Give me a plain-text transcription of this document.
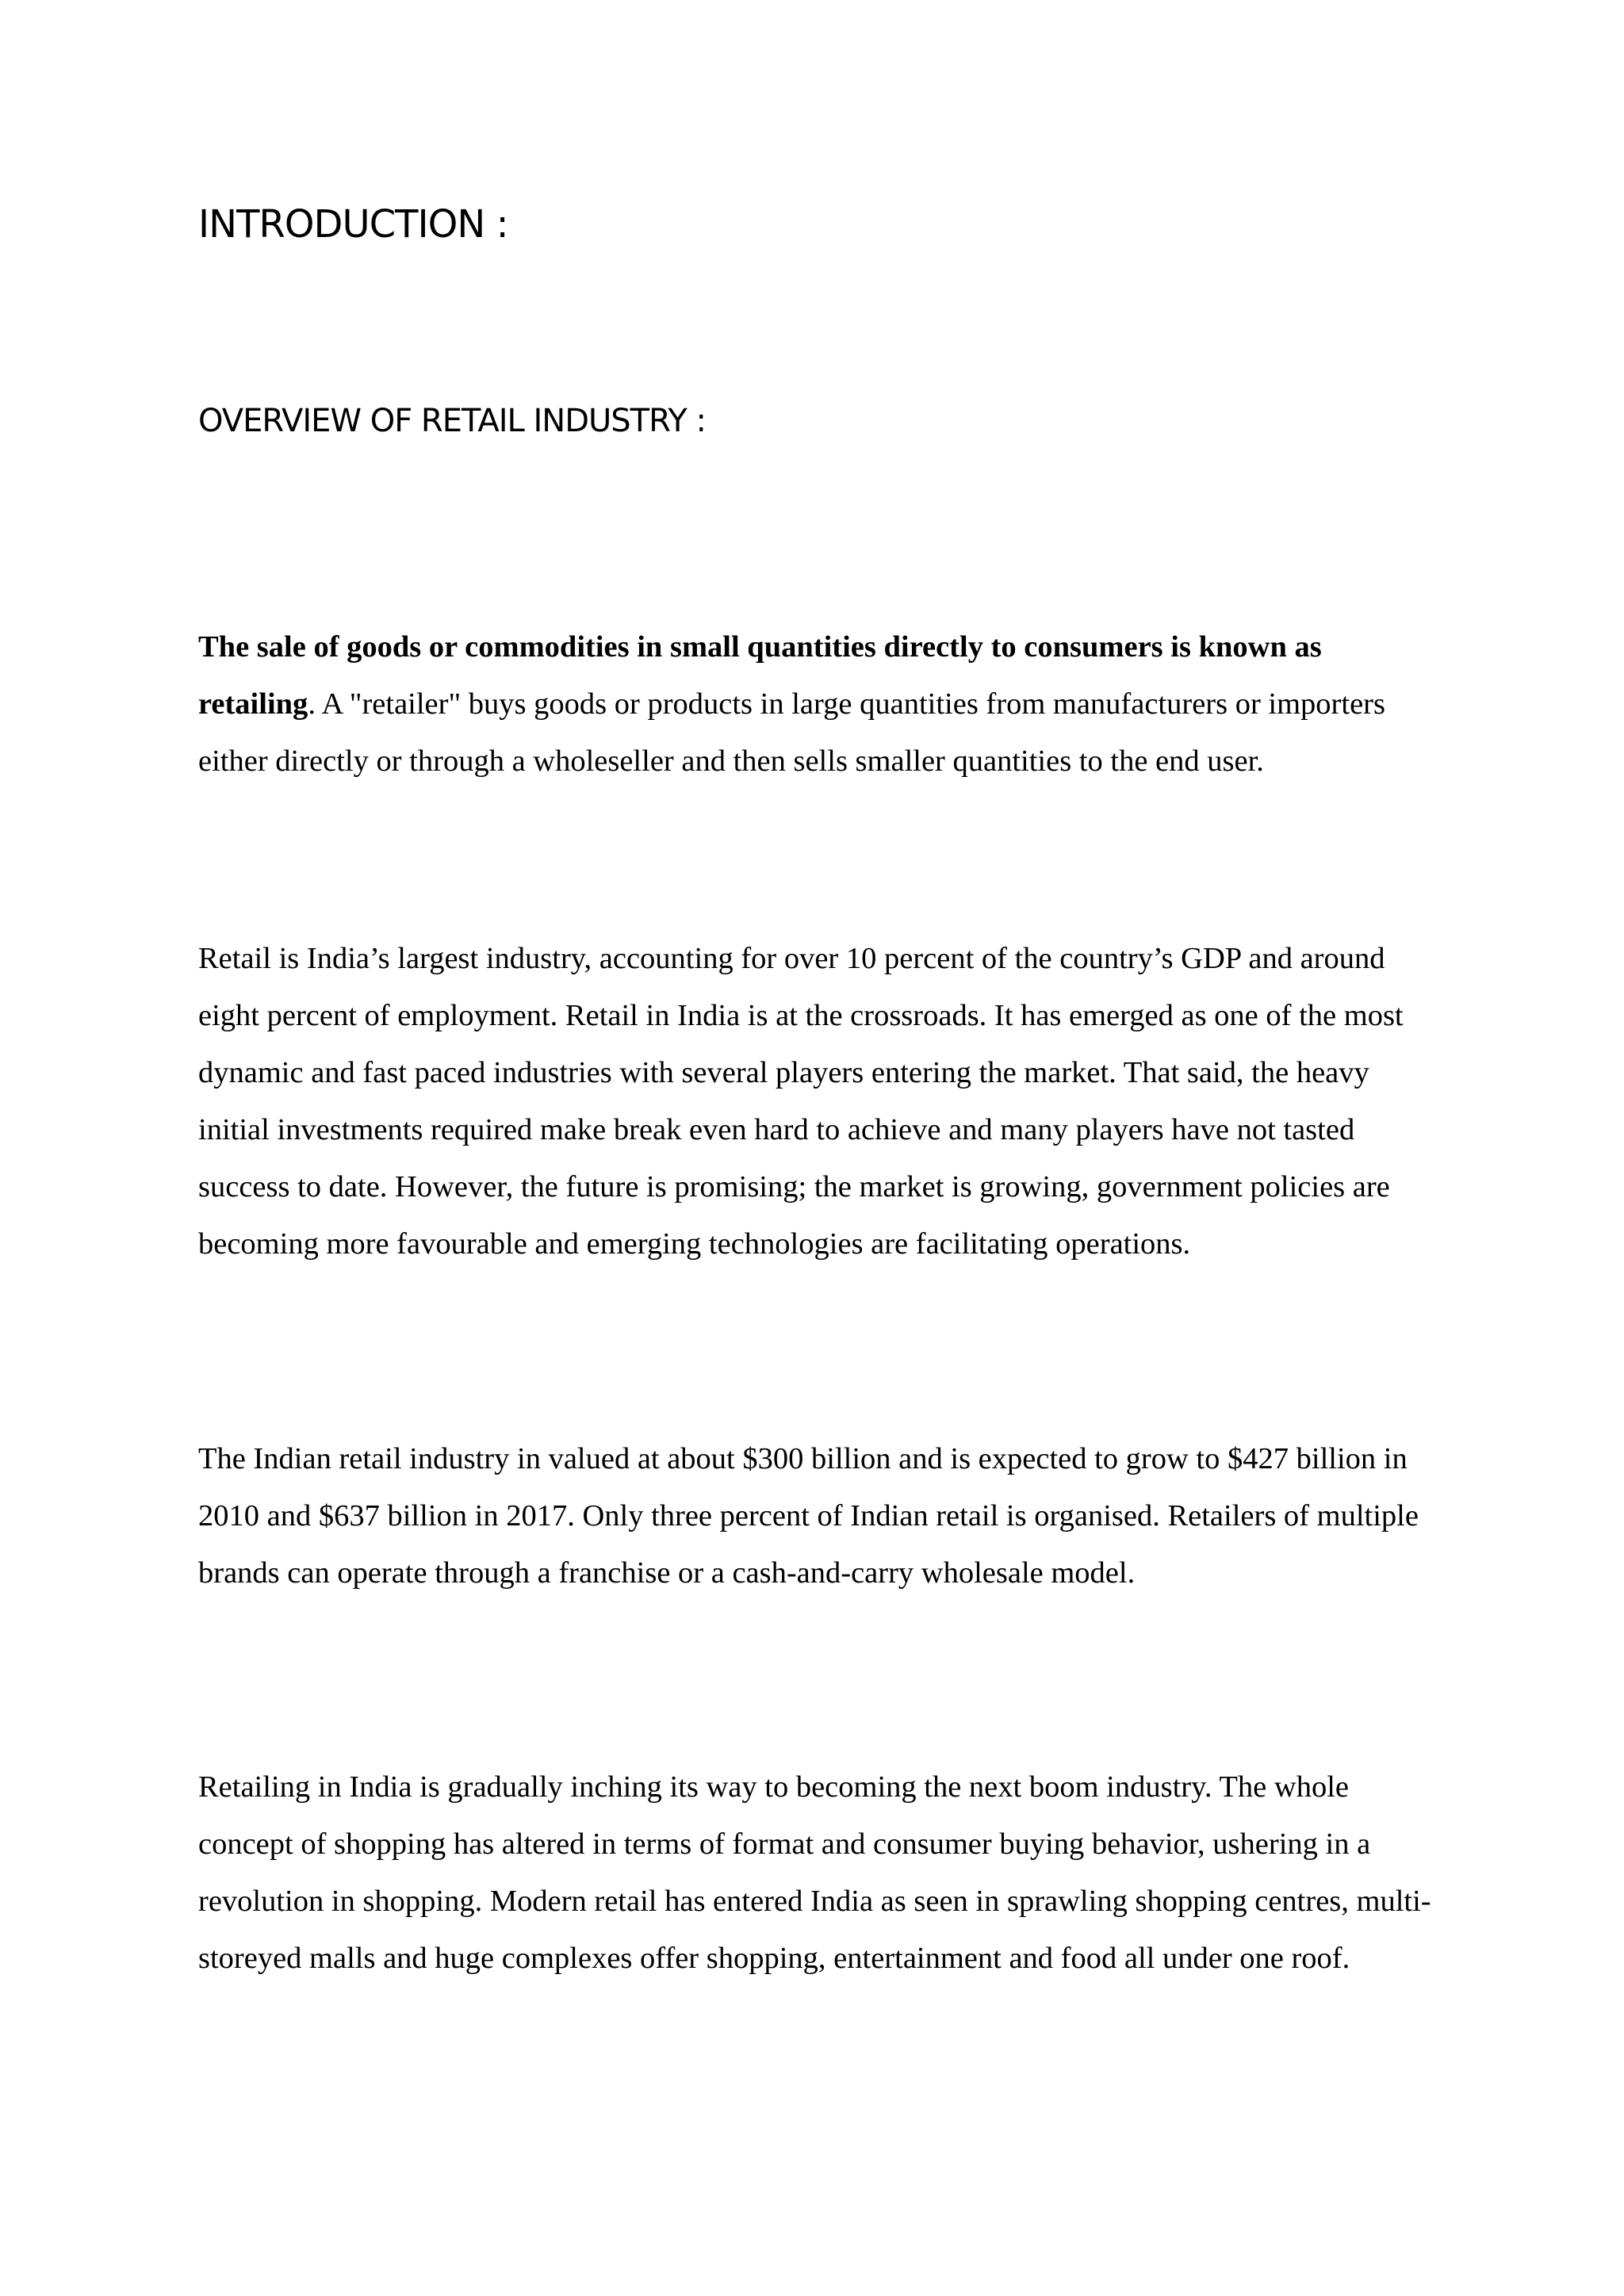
INTRODUCTION :
OVERVIEW OF RETAIL INDUSTRY :

The sale of goods or commodities in small quantities directly to consumers is known as retailing. A "retailer" buys goods or products in large quantities from manufacturers or importers either directly or through a wholeseller and then sells smaller quantities to the end user.

Retail is India’s largest industry, accounting for over 10 percent of the country’s GDP and around eight percent of employment. Retail in India is at the crossroads. It has emerged as one of the most dynamic and fast paced industries with several players entering the market. That said, the heavy initial investments required make break even hard to achieve and many players have not tasted success to date. However, the future is promising; the market is growing, government policies are becoming more favourable and emerging technologies are facilitating operations.

The Indian retail industry in valued at about $300 billion and is expected to grow to $427 billion in 2010 and $637 billion in 2017. Only three percent of Indian retail is organised. Retailers of multiple brands can operate through a franchise or a cash-and-carry wholesale model.

Retailing in India is gradually inching its way to becoming the next boom industry. The whole concept of shopping has altered in terms of format and consumer buying behavior, ushering in a revolution in shopping. Modern retail has entered India as seen in sprawling shopping centres, multi-storeyed malls and huge complexes offer shopping, entertainment and food all under one roof.
